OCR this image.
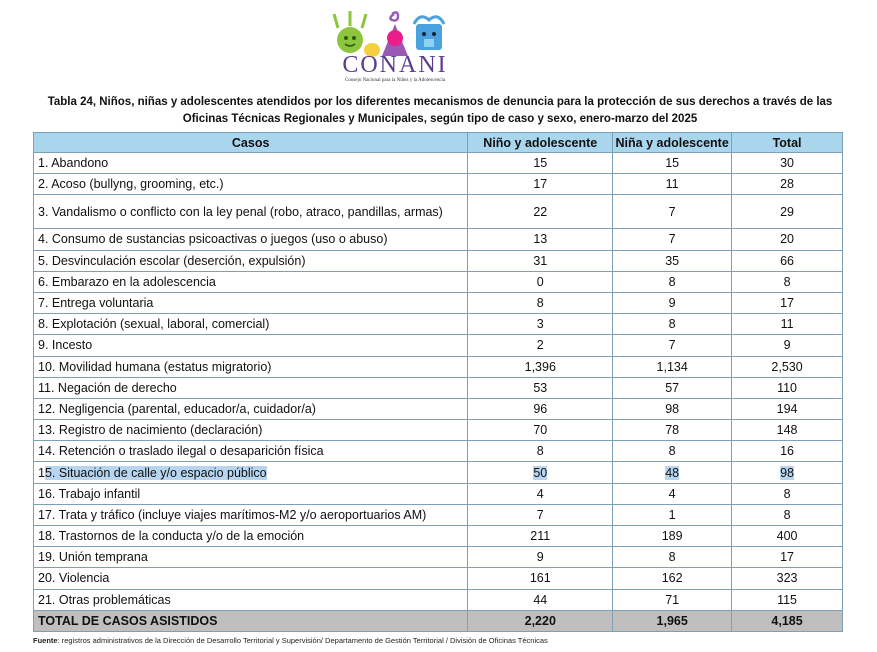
CONANI
Consejo Nacional para la Niñez y la Adolescencia
Tabla 24, Niños, niñas y adolescentes atendidos por los diferentes mecanismos de denuncia para la protección de sus derechos a través de las
Oficinas Técnicas Regionales y Municipales, según tipo de caso y sexo, enero-marzo del 2025
Casos	Niño y adolescente	Niña y adolescente	Total
1. Abandono	15	15	30
2. Acoso (bullyng, grooming, etc.)	17	11	28
3. Vandalismo o conflicto con la ley penal (robo, atraco, pandillas, armas)	22	7	29
4. Consumo de sustancias psicoactivas o juegos (uso o abuso)	13	7	20
5. Desvinculación escolar (deserción, expulsión)	31	35	66
6. Embarazo en la adolescencia	0	8	8
7. Entrega voluntaria	8	9	17
8. Explotación (sexual, laboral, comercial)	3	8	11
9. Incesto	2	7	9
10. Movilidad humana (estatus migratorio)	1,396	1,134	2,530
11. Negación de derecho	53	57	110
12. Negligencia (parental, educador/a, cuidador/a)	96	98	194
13. Registro de nacimiento (declaración)	70	78	148
14. Retención o traslado ilegal o desaparición física	8	8	16
15. Situación de calle y/o espacio público	50	48	98
16. Trabajo infantil	4	4	8
17. Trata y tráfico (incluye viajes marítimos-M2 y/o aeroportuarios AM)	7	1	8
18. Trastornos de la conducta y/o de la emoción	211	189	400
19. Unión temprana	9	8	17
20. Violencia	161	162	323
21. Otras problemáticas	44	71	115
TOTAL DE CASOS ASISTIDOS	2,220	1,965	4,185
Fuente: registros administrativos de la Dirección de Desarrollo Territorial y Supervisión/ Departamento de Gestión Territorial / División de Oficinas Técnicas
